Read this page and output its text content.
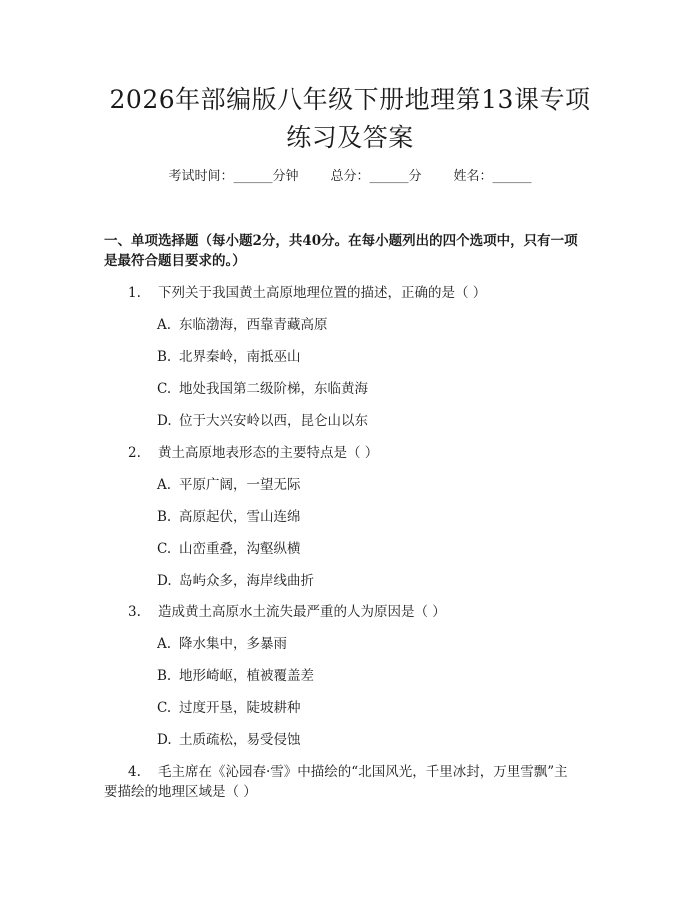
2026年部编版八年级下册地理第13课专项
练习及答案
考试时间：______分钟 总分：______分 姓名：______
一、单项选择题（每小题2分，共40分。在每小题列出的四个选项中，只有一项
是最符合题目要求的。）
1. 下列关于我国黄土高原地理位置的描述，正确的是（ ）
A. 东临渤海，西靠青藏高原
B. 北界秦岭，南抵巫山
C. 地处我国第二级阶梯，东临黄海
D. 位于大兴安岭以西，昆仑山以东
2. 黄土高原地表形态的主要特点是（ ）
A. 平原广阔，一望无际
B. 高原起伏，雪山连绵
C. 山峦重叠，沟壑纵横
D. 岛屿众多，海岸线曲折
3. 造成黄土高原水土流失最严重的人为原因是（ ）
A. 降水集中，多暴雨
B. 地形崎岖，植被覆盖差
C. 过度开垦，陡坡耕种
D. 土质疏松，易受侵蚀
4. 毛主席在《沁园春·雪》中描绘的“北国风光，千里冰封，万里雪飘”主
要描绘的地理区域是（ ）
